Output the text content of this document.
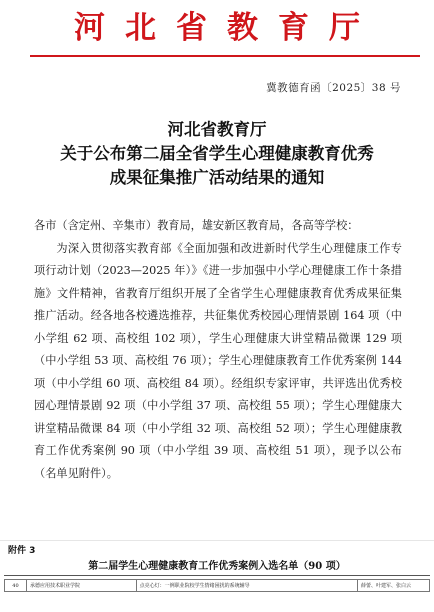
河北省教育厅
冀教德育函〔2025〕38 号
河北省教育厅
关于公布第二届全省学生心理健康教育优秀
成果征集推广活动结果的通知
各市（含定州、辛集市）教育局，雄安新区教育局，各高等学校：
为深入贯彻落实教育部《全面加强和改进新时代学生心理健康工作专项行动计划（2023—2025 年）》《进一步加强中小学心理健康工作十条措施》文件精神，省教育厅组织开展了全省学生心理健康教育优秀成果征集推广活动。经各地各校遴选推荐，共征集优秀校园心理情景剧 164 项（中小学组 62 项、高校组 102 项），学生心理健康大讲堂精品微课 129 项（中小学组 53 项、高校组 76 项）；学生心理健康教育工作优秀案例 144 项（中小学组 60 项、高校组 84 项）。经组织专家评审，共评选出优秀校园心理情景剧 92 项（中小学组 37 项、高校组 55 项）；学生心理健康大讲堂精品微课 84 项（中小学组 32 项、高校组 52 项）；学生心理健康教育工作优秀案例 90 项（中小学组 39 项、高校组 51 项），现予以公布（名单见附件）。
附件 3
第二届学生心理健康教育工作优秀案例入选名单（90 项）
40	承德应用技术职业学院	点亮心灯：一例职业院校学生情绪困扰的系统辅导	薛蕾、叶建军、张白云
